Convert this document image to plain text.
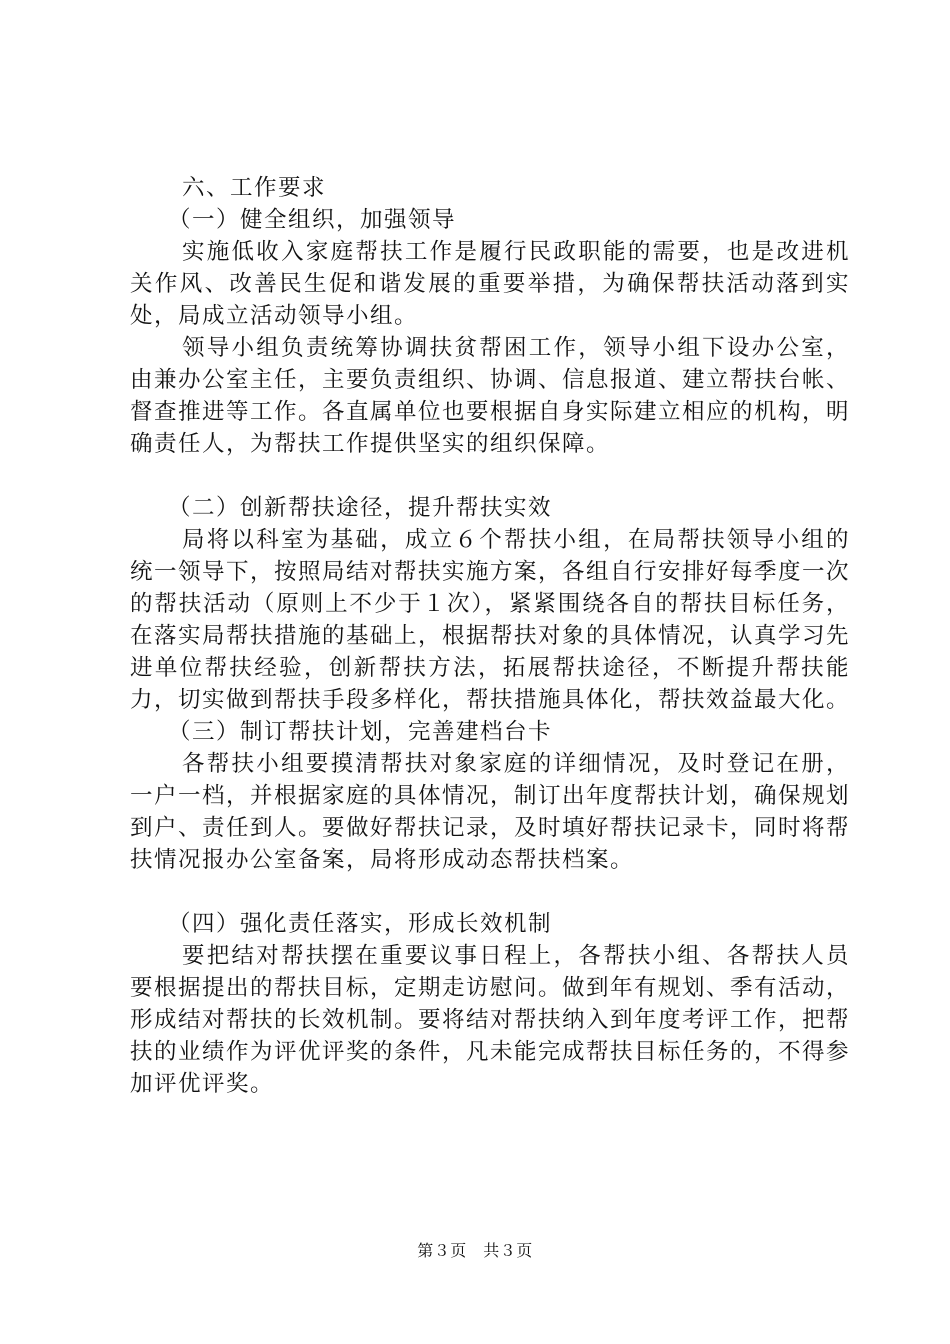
六、工作要求

（一）健全组织，加强领导

实施低收入家庭帮扶工作是履行民政职能的需要，也是改进机关作风、改善民生促和谐发展的重要举措，为确保帮扶活动落到实处，局成立活动领导小组。

领导小组负责统筹协调扶贫帮困工作，领导小组下设办公室，由兼办公室主任，主要负责组织、协调、信息报道、建立帮扶台帐、督查推进等工作。各直属单位也要根据自身实际建立相应的机构，明确责任人，为帮扶工作提供坚实的组织保障。

（二）创新帮扶途径，提升帮扶实效

局将以科室为基础，成立６个帮扶小组，在局帮扶领导小组的统一领导下，按照局结对帮扶实施方案，各组自行安排好每季度一次的帮扶活动（原则上不少于１次），紧紧围绕各自的帮扶目标任务，在落实局帮扶措施的基础上，根据帮扶对象的具体情况，认真学习先进单位帮扶经验，创新帮扶方法，拓展帮扶途径，不断提升帮扶能力，切实做到帮扶手段多样化，帮扶措施具体化，帮扶效益最大化。

（三）制订帮扶计划，完善建档台卡

各帮扶小组要摸清帮扶对象家庭的详细情况，及时登记在册，一户一档，并根据家庭的具体情况，制订出年度帮扶计划，确保规划到户、责任到人。要做好帮扶记录，及时填好帮扶记录卡，同时将帮扶情况报办公室备案，局将形成动态帮扶档案。

（四）强化责任落实，形成长效机制

要把结对帮扶摆在重要议事日程上，各帮扶小组、各帮扶人员要根据提出的帮扶目标，定期走访慰问。做到年有规划、季有活动，形成结对帮扶的长效机制。要将结对帮扶纳入到年度考评工作，把帮扶的业绩作为评优评奖的条件，凡未能完成帮扶目标任务的，不得参加评优评奖。

第３页　共３页
